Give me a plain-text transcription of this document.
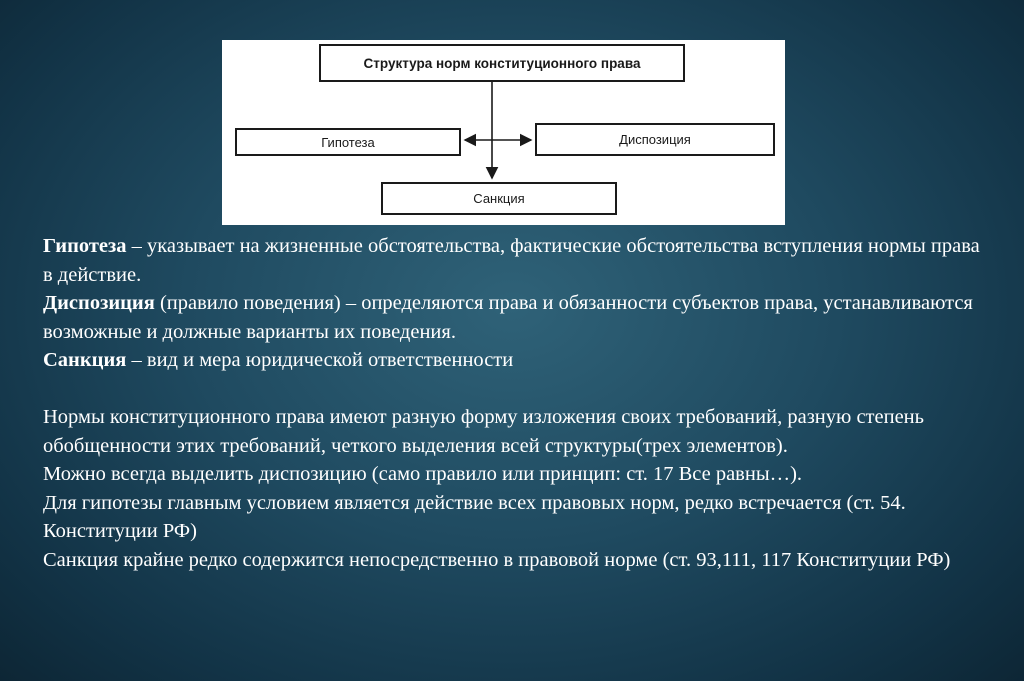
Структура норм конституционного права
Гипотеза	Диспозиция
Санкция

Гипотеза – указывает на жизненные обстоятельства, фактические обстоятельства вступления нормы права в действие.

Диспозиция (правило поведения) – определяются права и обязанности субъектов права, устанавливаются возможные и должные варианты их поведения.

Санкция – вид и мера юридической ответственности

Нормы конституционного права имеют разную форму изложения своих требований, разную степень обобщенности этих требований, четкого выделения всей структуры(трех элементов).

Можно всегда выделить диспозицию (само правило или принцип: ст. 17 Все равны…).

Для гипотезы главным условием является действие всех правовых норм, редко встречается (ст. 54. Конституции РФ)

Санкция крайне редко содержится непосредственно в правовой норме (ст. 93,111, 117 Конституции РФ)
